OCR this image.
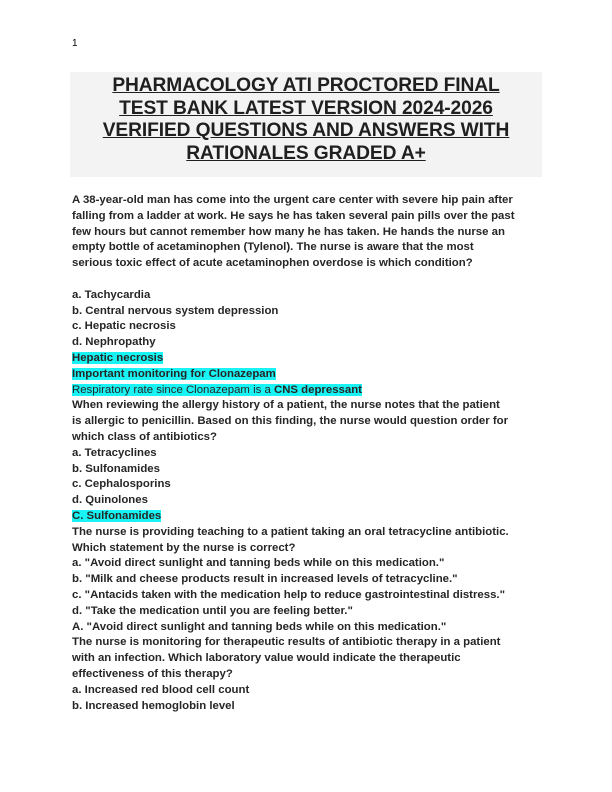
1
PHARMACOLOGY ATI PROCTORED FINAL
TEST BANK LATEST VERSION 2024-2026
VERIFIED QUESTIONS AND ANSWERS WITH
RATIONALES GRADED A+
A 38-year-old man has come into the urgent care center with severe hip pain after
falling from a ladder at work. He says he has taken several pain pills over the past
few hours but cannot remember how many he has taken. He hands the nurse an
empty bottle of acetaminophen (Tylenol). The nurse is aware that the most
serious toxic effect of acute acetaminophen overdose is which condition?
a. Tachycardia
b. Central nervous system depression
c. Hepatic necrosis
d. Nephropathy
Hepatic necrosis
Important monitoring for Clonazepam
Respiratory rate since Clonazepam is a CNS depressant
When reviewing the allergy history of a patient, the nurse notes that the patient
is allergic to penicillin. Based on this finding, the nurse would question order for
which class of antibiotics?
a. Tetracyclines
b. Sulfonamides
c. Cephalosporins
d. Quinolones
C. Sulfonamides
The nurse is providing teaching to a patient taking an oral tetracycline antibiotic.
Which statement by the nurse is correct?
a. "Avoid direct sunlight and tanning beds while on this medication."
b. "Milk and cheese products result in increased levels of tetracycline."
c. "Antacids taken with the medication help to reduce gastrointestinal distress."
d. "Take the medication until you are feeling better."
A. "Avoid direct sunlight and tanning beds while on this medication."
The nurse is monitoring for therapeutic results of antibiotic therapy in a patient
with an infection. Which laboratory value would indicate the therapeutic
effectiveness of this therapy?
a. Increased red blood cell count
b. Increased hemoglobin level
